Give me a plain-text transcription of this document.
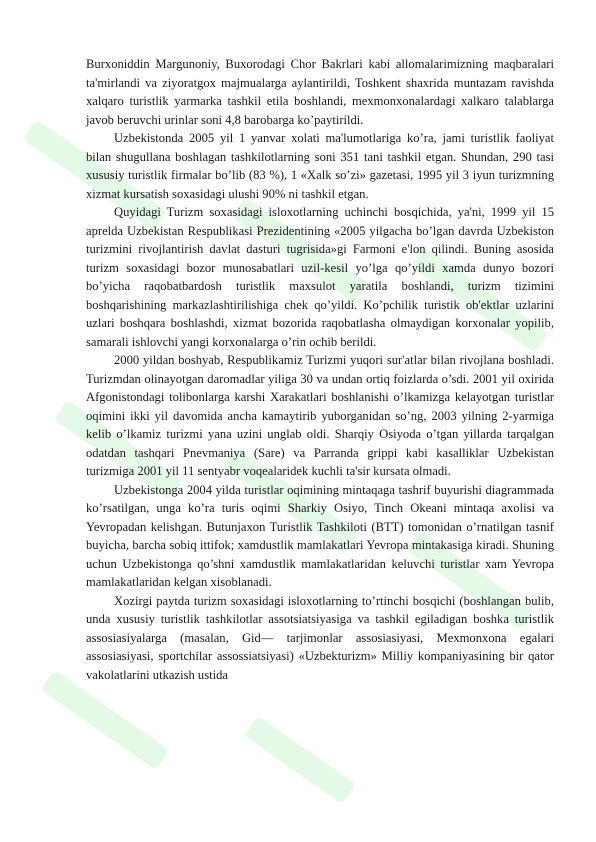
Burxoniddin Margunoniy, Buxorodagi Chor Bakrlari kabi allomalarimizning maqbaralari ta'mirlandi va ziyoratgox majmualarga aylantirildi, Toshkent shaxrida muntazam ravishda xalqaro turistlik yarmarka tashkil etila boshlandi, mexmonxonalardagi xalkaro talablarga javob beruvchi urinlar soni 4,8 barobarga ko’paytirildi.

Uzbekistonda 2005 yil 1 yanvar xolati ma'lumotlariga ko’ra, jami turistlik faoliyat bilan shugullana boshlagan tashkilotlarning soni 351 tani tashkil etgan. Shundan, 290 tasi xususiy turistlik firmalar bo’lib (83 %), 1 «Xalk so’zi» gazetasi, 1995 yil 3 iyun turizmning xizmat kursatish soxasidagi ulushi 90% ni tashkil etgan.

Quyidagi Turizm soxasidagi isloxotlarning uchinchi bosqichida, ya'ni, 1999 yil 15 aprelda Uzbekistan Respublikasi Prezidentining «2005 yilgacha bo’lgan davrda Uzbekiston turizmini rivojlantirish davlat dasturi tugrisida»gi Farmoni e'lon qilindi. Buning asosida turizm soxasidagi bozor munosabatlari uzil-kesil yo’lga qo’yildi xamda dunyo bozori bo’yicha raqobatbardosh turistlik maxsulot yaratila boshlandi, turizm tizimini boshqarishining markazlashtirilishiga chek qo’yildi. Ko’pchilik turistik ob'ektlar uzlarini uzlari boshqara boshlashdi, xizmat bozorida raqobatlasha olmaydigan korxonalar yopilib, samarali ishlovchi yangi korxonalarga o’rin ochib berildi.

2000 yildan boshyab, Respublikamiz Turizmi yuqori sur'atlar bilan rivojlana boshladi. Turizmdan olinayotgan daromadlar yiliga 30 va undan ortiq foizlarda o’sdi. 2001 yil oxirida Afgonistondagi tolibonlarga karshi Xarakatlari boshlanishi o’lkamizga kelayotgan turistlar oqimini ikki yil davomida ancha kamaytirib yuborganidan so’ng, 2003 yilning 2-yarmiga kelib o’lkamiz turizmi yana uzini unglab oldi. Sharqiy Osiyoda o’tgan yillarda tarqalgan odatdan tashqari Pnevmaniya (Sare) va Parranda grippi kabi kasalliklar Uzbekistan turizmiga 2001 yil 11 sentyabr voqealaridek kuchli ta'sir kursata olmadi.

Uzbekistonga 2004 yilda turistlar oqimining mintaqaga tashrif buyurishi diagrammada ko’rsatilgan, unga ko’ra turis oqimi Sharkiy Osiyo, Tinch Okeani mintaqa axolisi va Yevropadan kelishgan. Butunjaxon Turistlik Tashkiloti (BTT) tomonidan o’rnatilgan tasnif buyicha, barcha sobiq ittifok; xamdustlik mamlakatlari Yevropa mintakasiga kiradi. Shuning uchun Uzbekistonga qo’shni xamdustlik mamlakatlaridan keluvchi turistlar xam Yevropa mamlakatlaridan kelgan xisoblanadi.

Xozirgi paytda turizm soxasidagi isloxotlarning to’rtinchi bosqichi (boshlangan bulib, unda xususiy turistlik tashkilotlar assotsiatsiyasiga va tashkil egiladigan boshka turistlik assosiasiyalarga (masalan, Gid— tarjimonlar assosiasiyasi, Mexmonxona egalari assosiasiyasi, sportchilar assossiatsiyasi) «Uzbekturizm» Milliy kompaniyasining bir qator vakolatlarini utkazish ustida
